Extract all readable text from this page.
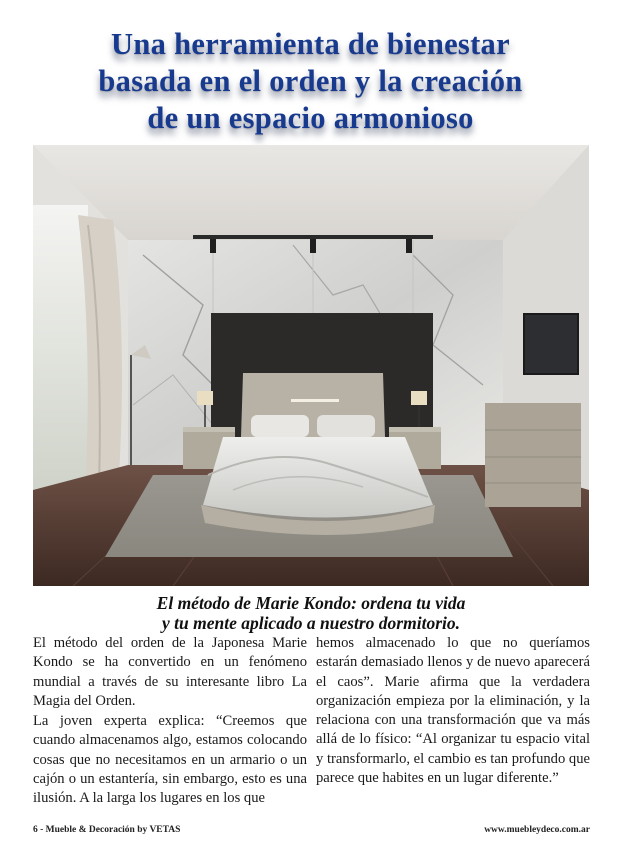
Una herramienta de bienestar
basada en el orden y la creación
de un espacio armonioso

El método de Marie Kondo: ordena tu vida
y tu mente aplicado a nuestro dormitorio.

El método del orden de la Japonesa Marie Kondo se ha convertido en un fenómeno mundial a través de su interesante libro La Magia del Orden.

La joven experta explica: “Creemos que cuando almacenamos algo, estamos colocando cosas que no necesitamos en un armario o un cajón o un estantería, sin embargo, esto es una ilusión. A la larga los lugares en los que

hemos almacenado lo que no queríamos estarán demasiado llenos y de nuevo aparecerá el caos”. Marie afirma que la verdadera organización empieza por la eliminación, y la relaciona con una transformación que va más allá de lo físico: “Al organizar tu espacio vital y transformarlo, el cambio es tan profundo que parece que habites en un lugar diferente.”

6 - Mueble & Decoración by VETAS	www.muebleydeco.com.ar
